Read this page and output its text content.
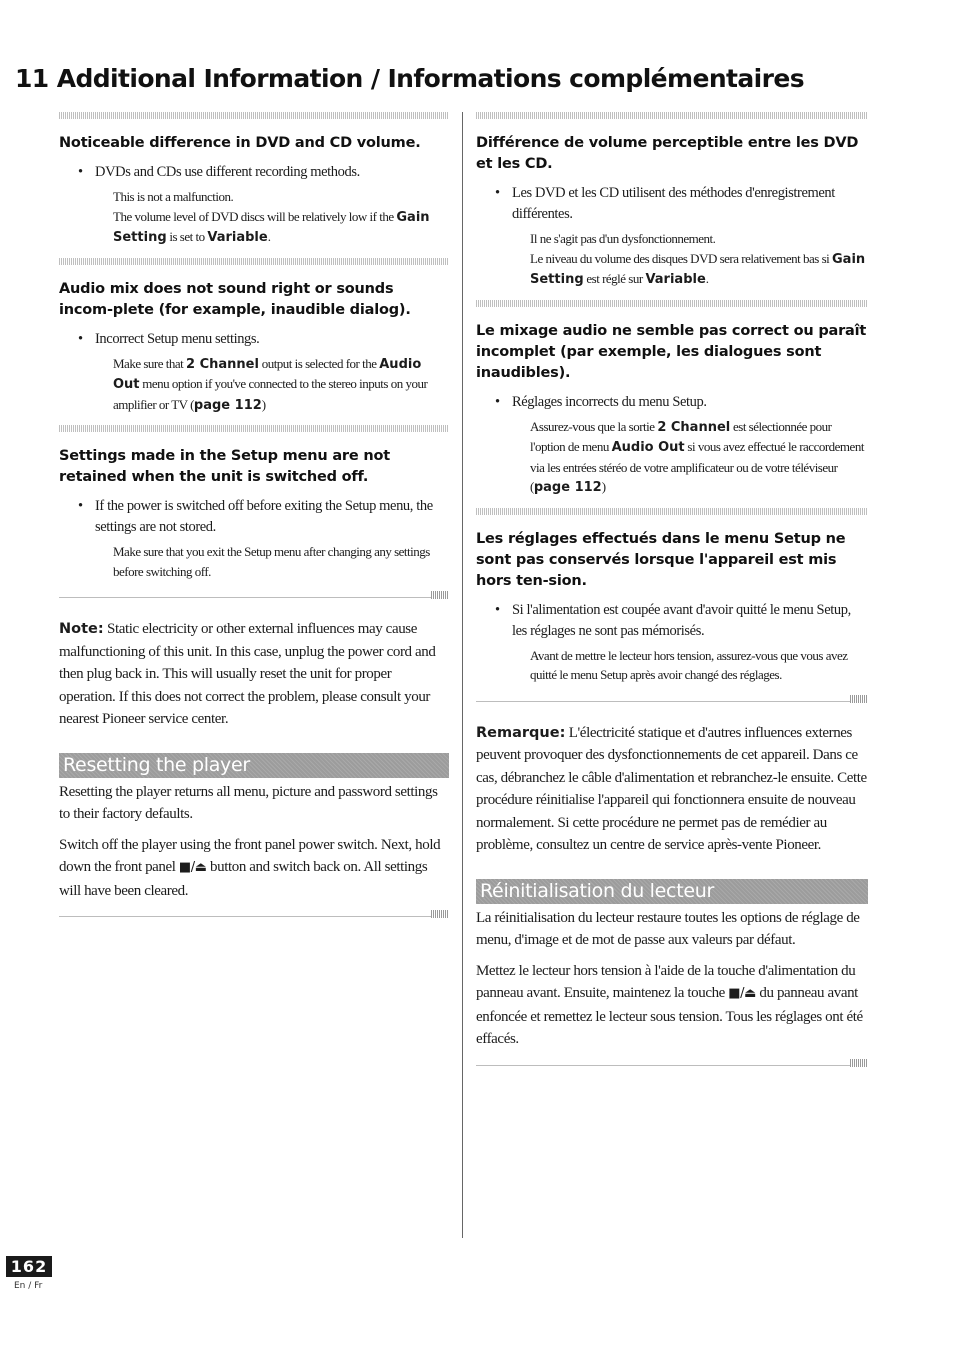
11 Additional Information / Informations complémentaires
Noticeable difference in DVD and CD volume.
• DVDs and CDs use different recording methods.

This is not a malfunction.

The volume level of DVD discs will be relatively low if the Gain Setting is set to Variable.

Audio mix does not sound right or sounds incom-plete (for example, inaudible dialog).
• Incorrect Setup menu settings.

Make sure that 2 Channel output is selected for the Audio Out menu option if you've connected to the stereo inputs on your amplifier or TV (page 112)

Settings made in the Setup menu are not retained when the unit is switched off.
• If the power is switched off before exiting the Setup menu, the settings are not stored.

Make sure that you exit the Setup menu after changing any settings before switching off.

Note: Static electricity or other external influences may cause malfunctioning of this unit. In this case, unplug the power cord and then plug back in. This will usually reset the unit for proper operation. If this does not correct the problem, please consult your nearest Pioneer service center.

Resetting the player

Resetting the player returns all menu, picture and password settings to their factory defaults.

Switch off the player using the front panel power switch. Next, hold down the front panel ■/⏏ button and switch back on. All settings will have been cleared.

Différence de volume perceptible entre les DVD et les CD.
• Les DVD et les CD utilisent des méthodes d'enregistrement différentes.

Il ne s'agit pas d'un dysfonctionnement.

Le niveau du volume des disques DVD sera relativement bas si Gain Setting est réglé sur Variable.

Le mixage audio ne semble pas correct ou paraît incomplet (par exemple, les dialogues sont inaudibles).
• Réglages incorrects du menu Setup.

Assurez-vous que la sortie 2 Channel est sélectionnée pour l'option de menu Audio Out si vous avez effectué le raccordement via les entrées stéréo de votre amplificateur ou de votre téléviseur (page 112)

Les réglages effectués dans le menu Setup ne sont pas conservés lorsque l'appareil est mis hors ten-sion.
• Si l'alimentation est coupée avant d'avoir quitté le menu Setup, les réglages ne sont pas mémorisés.

Avant de mettre le lecteur hors tension, assurez-vous que vous avez quitté le menu Setup après avoir changé des réglages.

Remarque: L'électricité statique et d'autres influences externes peuvent provoquer des dysfonctionnements de cet appareil. Dans ce cas, débranchez le câble d'alimentation et rebranchez-le ensuite. Cette procédure réinitialise l'appareil qui fonctionnera ensuite de nouveau normalement. Si cette procédure ne permet pas de remédier au problème, consultez un centre de service après-vente Pioneer.

Réinitialisation du lecteur

La réinitialisation du lecteur restaure toutes les options de réglage de menu, d'image et de mot de passe aux valeurs par défaut.

Mettez le lecteur hors tension à l'aide de la touche d'alimentation du panneau avant. Ensuite, maintenez la touche ■/⏏ du panneau avant enfoncée et remettez le lecteur sous tension. Tous les réglages ont été effacés.

162
En / Fr
